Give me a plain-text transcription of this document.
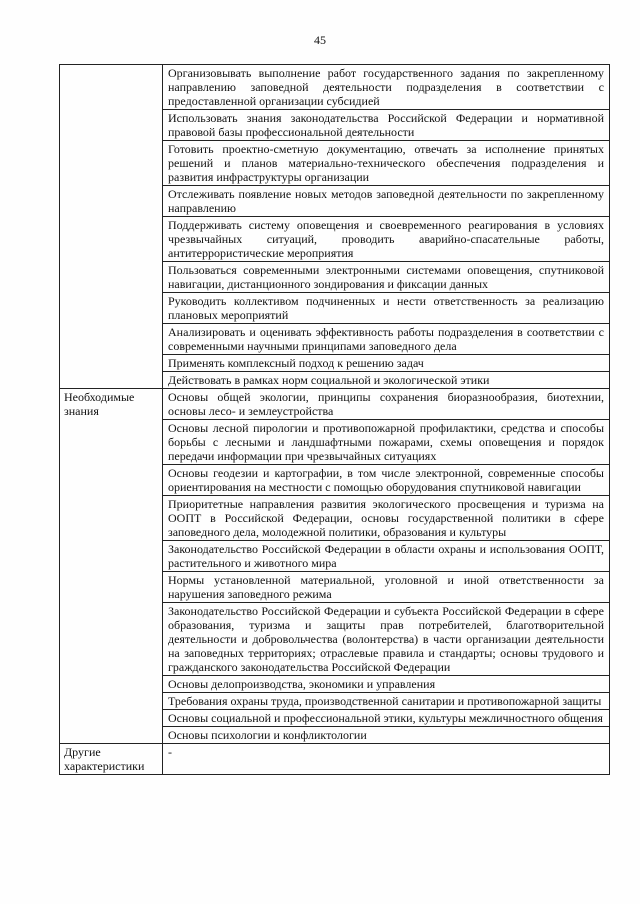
45
	Организовывать выполнение работ государственного задания по закрепленному направлению заповедной деятельности подразделения в соответствии с предоставленной организации субсидией
	Использовать знания законодательства Российской Федерации и нормативной правовой базы профессиональной деятельности
	Готовить проектно-сметную документацию, отвечать за исполнение принятых решений и планов материально-технического обеспечения подразделения и развития инфраструктуры организации
	Отслеживать появление новых методов заповедной деятельности по закрепленному направлению
	Поддерживать систему оповещения и своевременного реагирования в условиях чрезвычайных ситуаций, проводить аварийно-спасательные работы, антитеррористические мероприятия
	Пользоваться современными электронными системами оповещения, спутниковой навигации, дистанционного зондирования и фиксации данных
	Руководить коллективом подчиненных и нести ответственность за реализацию плановых мероприятий
	Анализировать и оценивать эффективность работы подразделения в соответствии с современными научными принципами заповедного дела
	Применять комплексный подход к решению задач
	Действовать в рамках норм социальной и экологической этики
Необходимые знания	Основы общей экологии, принципы сохранения биоразнообразия, биотехнии, основы лесо- и землеустройства
	Основы лесной пирологии и противопожарной профилактики, средства и способы борьбы с лесными и ландшафтными пожарами, схемы оповещения и порядок передачи информации при чрезвычайных ситуациях
	Основы геодезии и картографии, в том числе электронной, современные способы ориентирования на местности с помощью оборудования спутниковой навигации
	Приоритетные направления развития экологического просвещения и туризма на ООПТ в Российской Федерации, основы государственной политики в сфере заповедного дела, молодежной политики, образования и культуры
	Законодательство Российской Федерации в области охраны и использования ООПТ, растительного и животного мира
	Нормы установленной материальной, уголовной и иной ответственности за нарушения заповедного режима
	Законодательство Российской Федерации и субъекта Российской Федерации в сфере образования, туризма и защиты прав потребителей, благотворительной деятельности и добровольчества (волонтерства) в части организации деятельности на заповедных территориях; отраслевые правила и стандарты; основы трудового и гражданского законодательства Российской Федерации
	Основы делопроизводства, экономики и управления
	Требования охраны труда, производственной санитарии и противопожарной защиты
	Основы социальной и профессиональной этики, культуры межличностного общения
	Основы психологии и конфликтологии
Другие характеристики	-
